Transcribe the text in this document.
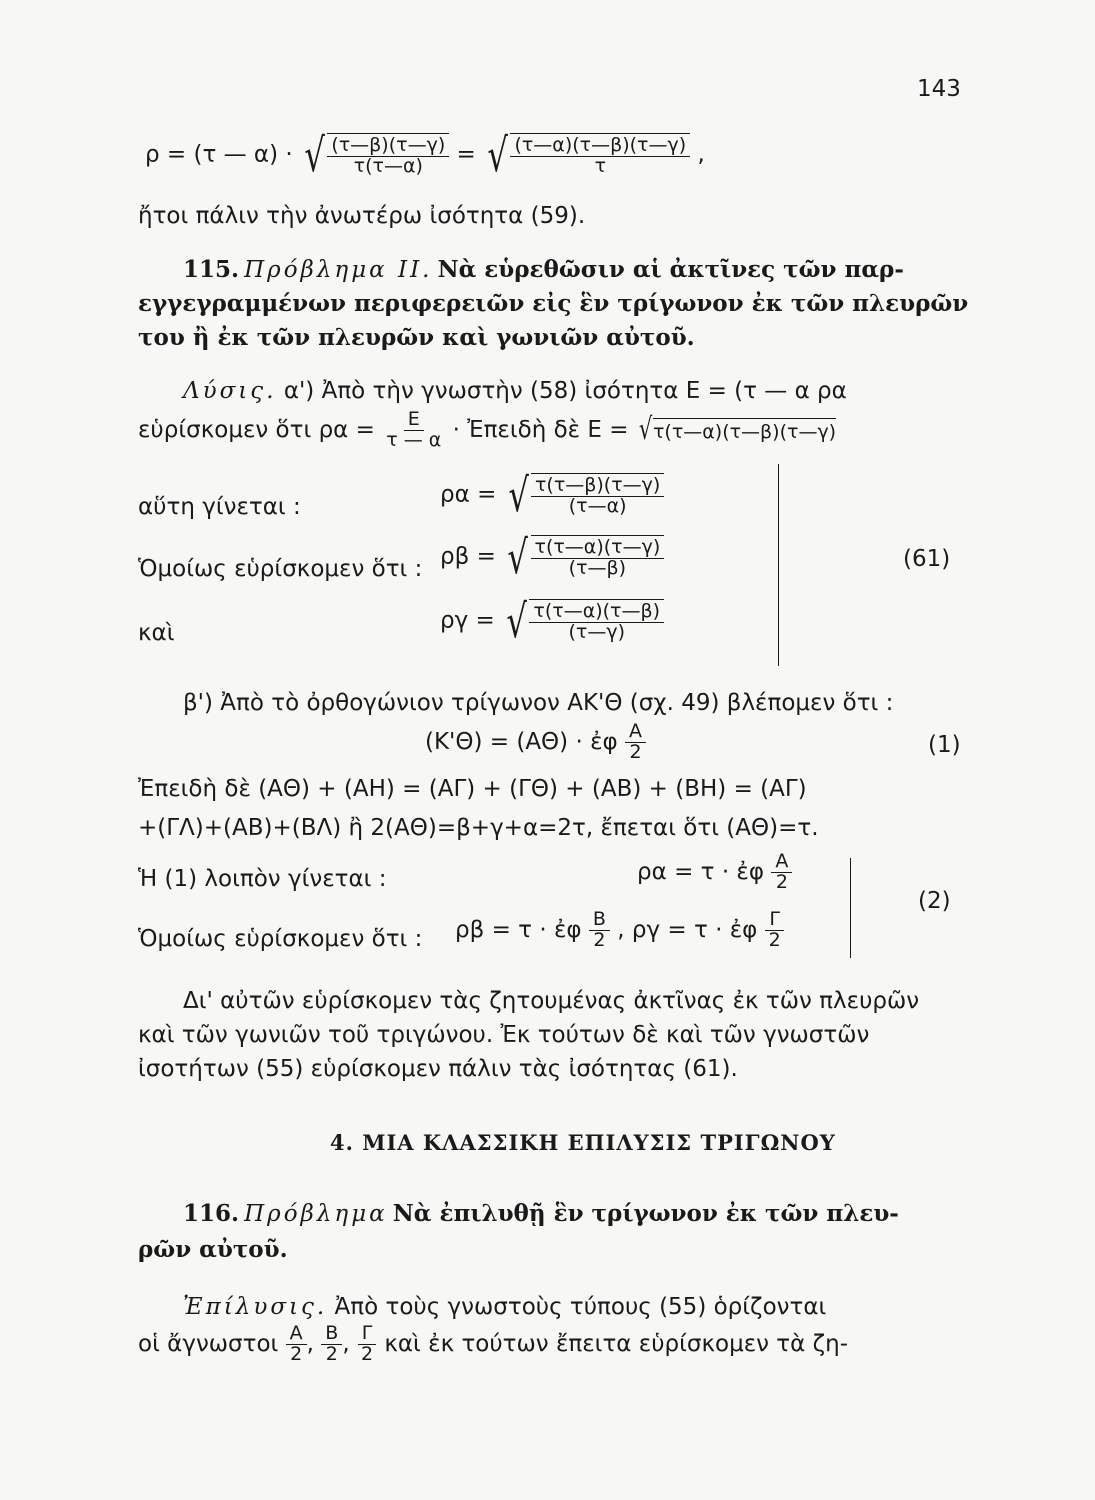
143
ρ = (τ — α) · √ $\frac{(\tau—\beta)(\tau—\gamma)}{\tau(\tau—\alpha)}$ = √ $\frac{(\tau—\alpha)(\tau—\beta)(\tau—\gamma)}{\tau}$ ,
ἤτοι πάλιν τὴν ἀνωτέρω ἰσότητα (59).
115. Πρόβλημα ΙΙ. Νὰ εὑρεθῶσιν αἱ ἀκτῖνες τῶν παρ-
εγγεγραμμένων περιφερειῶν εἰς ἓν τρίγωνον ἐκ τῶν πλευρῶν
του ἢ ἐκ τῶν πλευρῶν καὶ γωνιῶν αὐτοῦ.
Λύσις. α') Ἀπὸ τὴν γνωστὴν (58) ἰσότητα Ε = (τ — α ρα
εὑρίσκομεν ὅτι $\rho\alpha = \frac{E}{\tau — \alpha}$ · Ἐπειδὴ δὲ Ε = √ τ(τ—α)(τ—β)(τ—γ)
αὕτη γίνεται :	ρα = √ $\frac{\tau(\tau—\beta)(\tau—\gamma)}{(\tau—\alpha)}$
Ὁμοίως εὑρίσκομεν ὅτι : ρβ = √ $\frac{\tau(\tau—\alpha)(\tau—\gamma)}{(\tau—\beta)}$
καὶ	ργ = √ $\frac{\tau(\tau—\alpha)(\tau—\beta)}{(\tau—\gamma)}$
(61)
β') Ἀπὸ τὸ ὀρθογώνιον τρίγωνον ΑΚ'Θ (σχ. 49) βλέπομεν ὅτι :
(Κ'Θ) = (ΑΘ) · ἐφ $\frac{A}{2}$	(1)
Ἐπειδὴ δὲ (ΑΘ) + (ΑΗ) = (ΑΓ) + (ΓΘ) + (ΑΒ) + (ΒΗ) = (ΑΓ)
+(ΓΛ)+(ΑΒ)+(ΒΛ) ἢ 2(ΑΘ)=β+γ+α=2τ, ἔπεται ὅτι (ΑΘ)=τ.
Ἡ (1) λοιπὸν γίνεται :	ρα = τ · ἐφ $\frac{A}{2}$
Ὁμοίως εὑρίσκομεν ὅτι : ρβ = τ · ἐφ $\frac{B}{2}$ , ργ = τ · ἐφ $\frac{\Gamma}{2}$
(2)
Δι' αὐτῶν εὑρίσκομεν τὰς ζητουμένας ἀκτῖνας ἐκ τῶν πλευρῶν
καὶ τῶν γωνιῶν τοῦ τριγώνου. Ἐκ τούτων δὲ καὶ τῶν γνωστῶν
ἰσοτήτων (55) εὑρίσκομεν πάλιν τὰς ἰσότητας (61).
4. ΜΙΑ ΚΛΑΣΣΙΚΗ ΕΠΙΛΥΣΙΣ ΤΡΙΓΩΝΟΥ
116. Πρόβλημα Νὰ ἐπιλυθῇ ἓν τρίγωνον ἐκ τῶν πλευ-
ρῶν αὐτοῦ.
Ἐπίλυσις. Ἀπὸ τοὺς γνωστοὺς τύπους (55) ὁρίζονται
οἱ ἄγνωστοι $\frac{A}{2}$ , $\frac{B}{2}$ , $\frac{\Gamma}{2}$ καὶ ἐκ τούτων ἔπειτα εὑρίσκομεν τὰ ζη-
